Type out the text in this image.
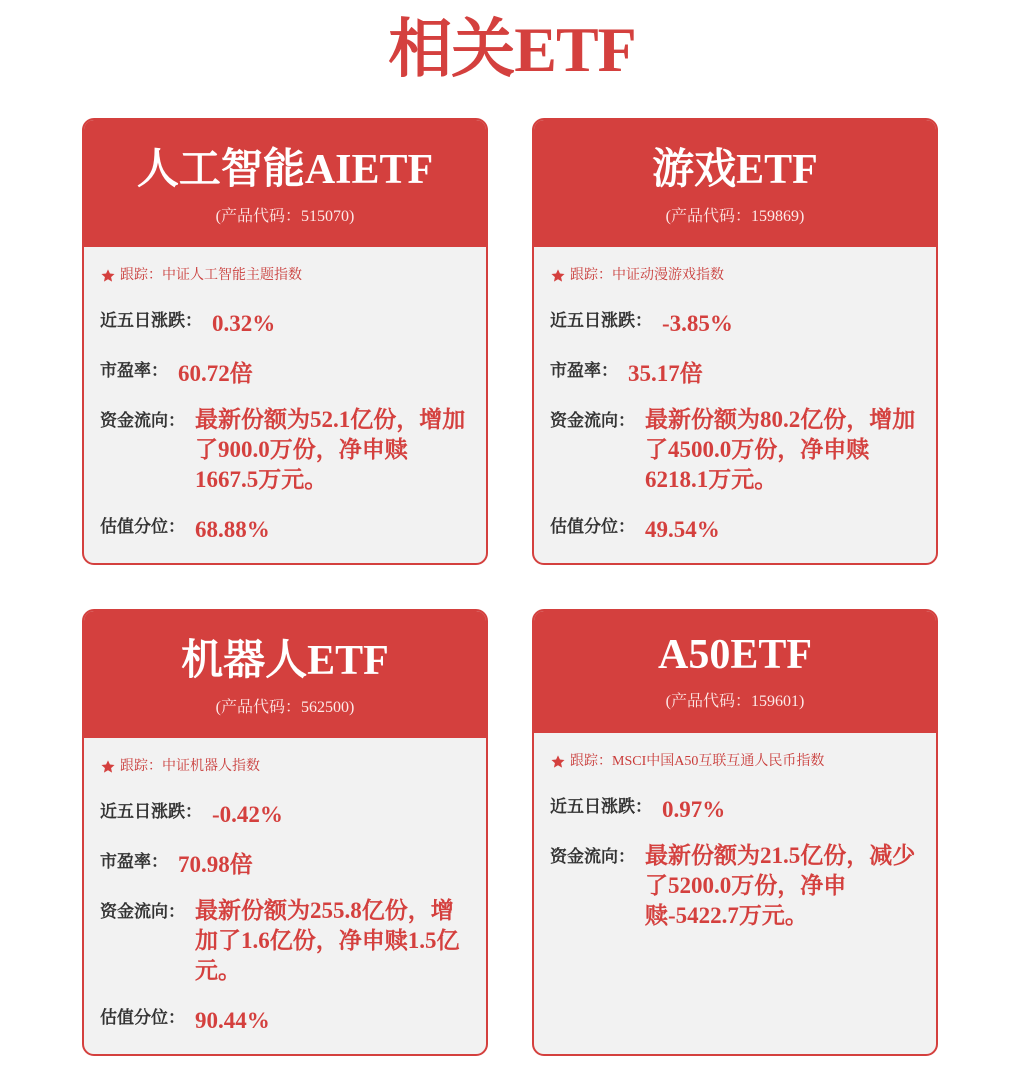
相关ETF
人工智能AIETF
(产品代码：515070)
跟踪：中证人工智能主题指数
近五日涨跌： 0.32%
市盈率： 60.72倍
资金流向： 最新份额为52.1亿份，增加了900.0万份，净申赎1667.5万元。
估值分位： 68.88%
游戏ETF
(产品代码：159869)
跟踪：中证动漫游戏指数
近五日涨跌： -3.85%
市盈率： 35.17倍
资金流向： 最新份额为80.2亿份，增加了4500.0万份，净申赎6218.1万元。
估值分位： 49.54%
机器人ETF
(产品代码：562500)
跟踪：中证机器人指数
近五日涨跌： -0.42%
市盈率： 70.98倍
资金流向： 最新份额为255.8亿份，增加了1.6亿份，净申赎1.5亿元。
估值分位： 90.44%
A50ETF
(产品代码：159601)
跟踪：MSCI中国A50互联互通人民币指数
近五日涨跌： 0.97%
资金流向： 最新份额为21.5亿份，减少了5200.0万份，净申赎-5422.7万元。
